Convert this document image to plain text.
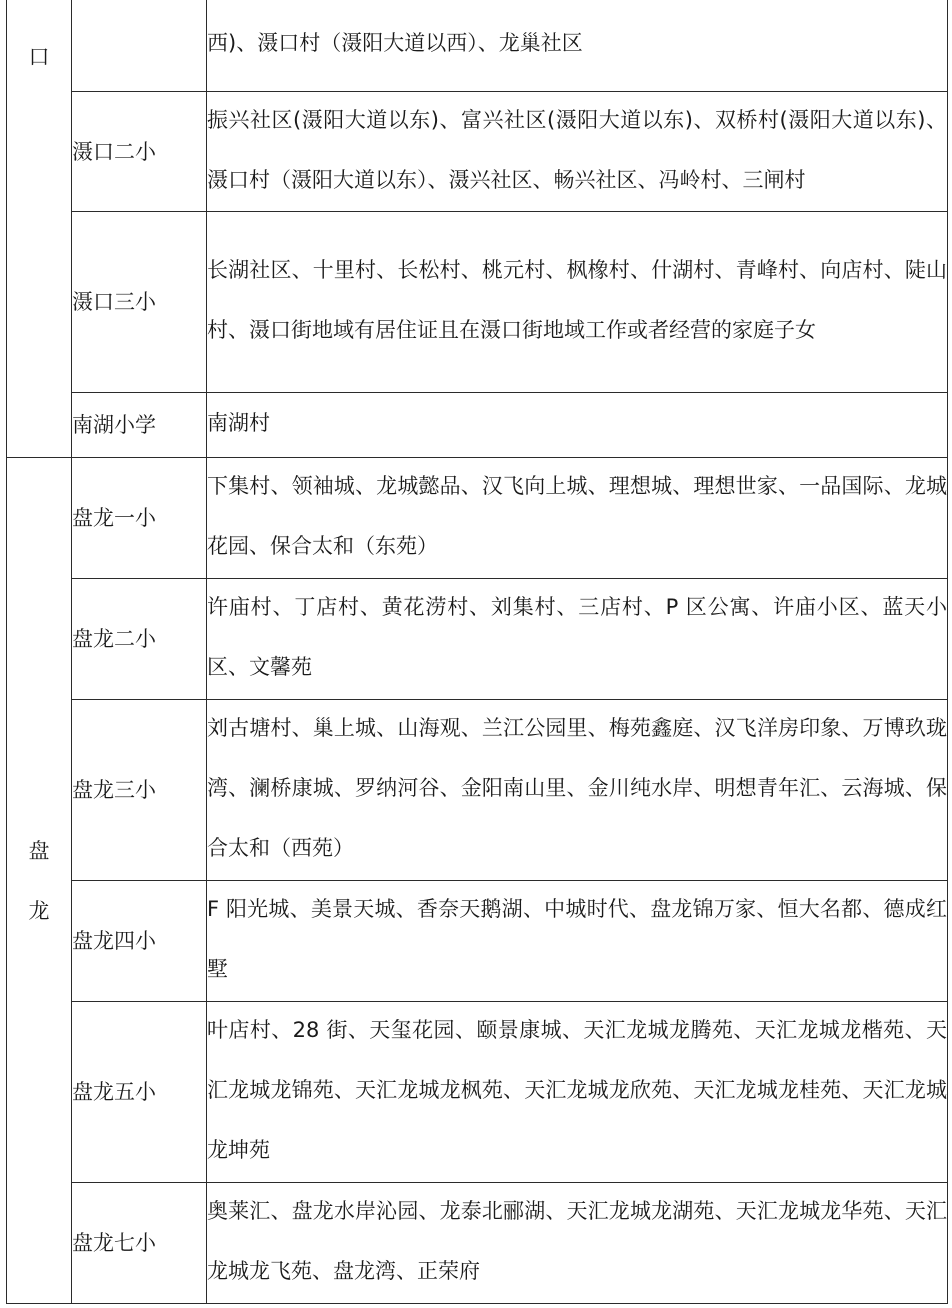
口		西)、滠口村（滠阳大道以西）、龙巢社区

	滠口二小	振兴社区(滠阳大道以东)、富兴社区(滠阳大道以东)、双桥村(滠阳大道以东)、滠口村（滠阳大道以东）、滠兴社区、畅兴社区、冯岭村、三闸村

	滠口三小	长湖社区、十里村、长松村、桃元村、枫橡村、什湖村、青峰村、向店村、陡山村、滠口街地域有居住证且在滠口街地域工作或者经营的家庭子女

	南湖小学	南湖村

盘龙	盘龙一小	下集村、领袖城、龙城懿品、汉飞向上城、理想城、理想世家、一品国际、龙城花园、保合太和（东苑）

	盘龙二小	许庙村、丁店村、黄花涝村、刘集村、三店村、P 区公寓、许庙小区、蓝天小区、文馨苑

	盘龙三小	刘古塘村、巢上城、山海观、兰江公园里、梅苑鑫庭、汉飞洋房印象、万博玖珑湾、澜桥康城、罗纳河谷、金阳南山里、金川纯水岸、明想青年汇、云海城、保合太和（西苑）

	盘龙四小	F 阳光城、美景天城、香奈天鹅湖、中城时代、盘龙锦万家、恒大名都、德成红墅

	盘龙五小	叶店村、28 街、天玺花园、颐景康城、天汇龙城龙腾苑、天汇龙城龙楷苑、天汇龙城龙锦苑、天汇龙城龙枫苑、天汇龙城龙欣苑、天汇龙城龙桂苑、天汇龙城龙坤苑

	盘龙七小	奥莱汇、盘龙水岸沁园、龙泰北郦湖、天汇龙城龙湖苑、天汇龙城龙华苑、天汇龙城龙飞苑、盘龙湾、正荣府
